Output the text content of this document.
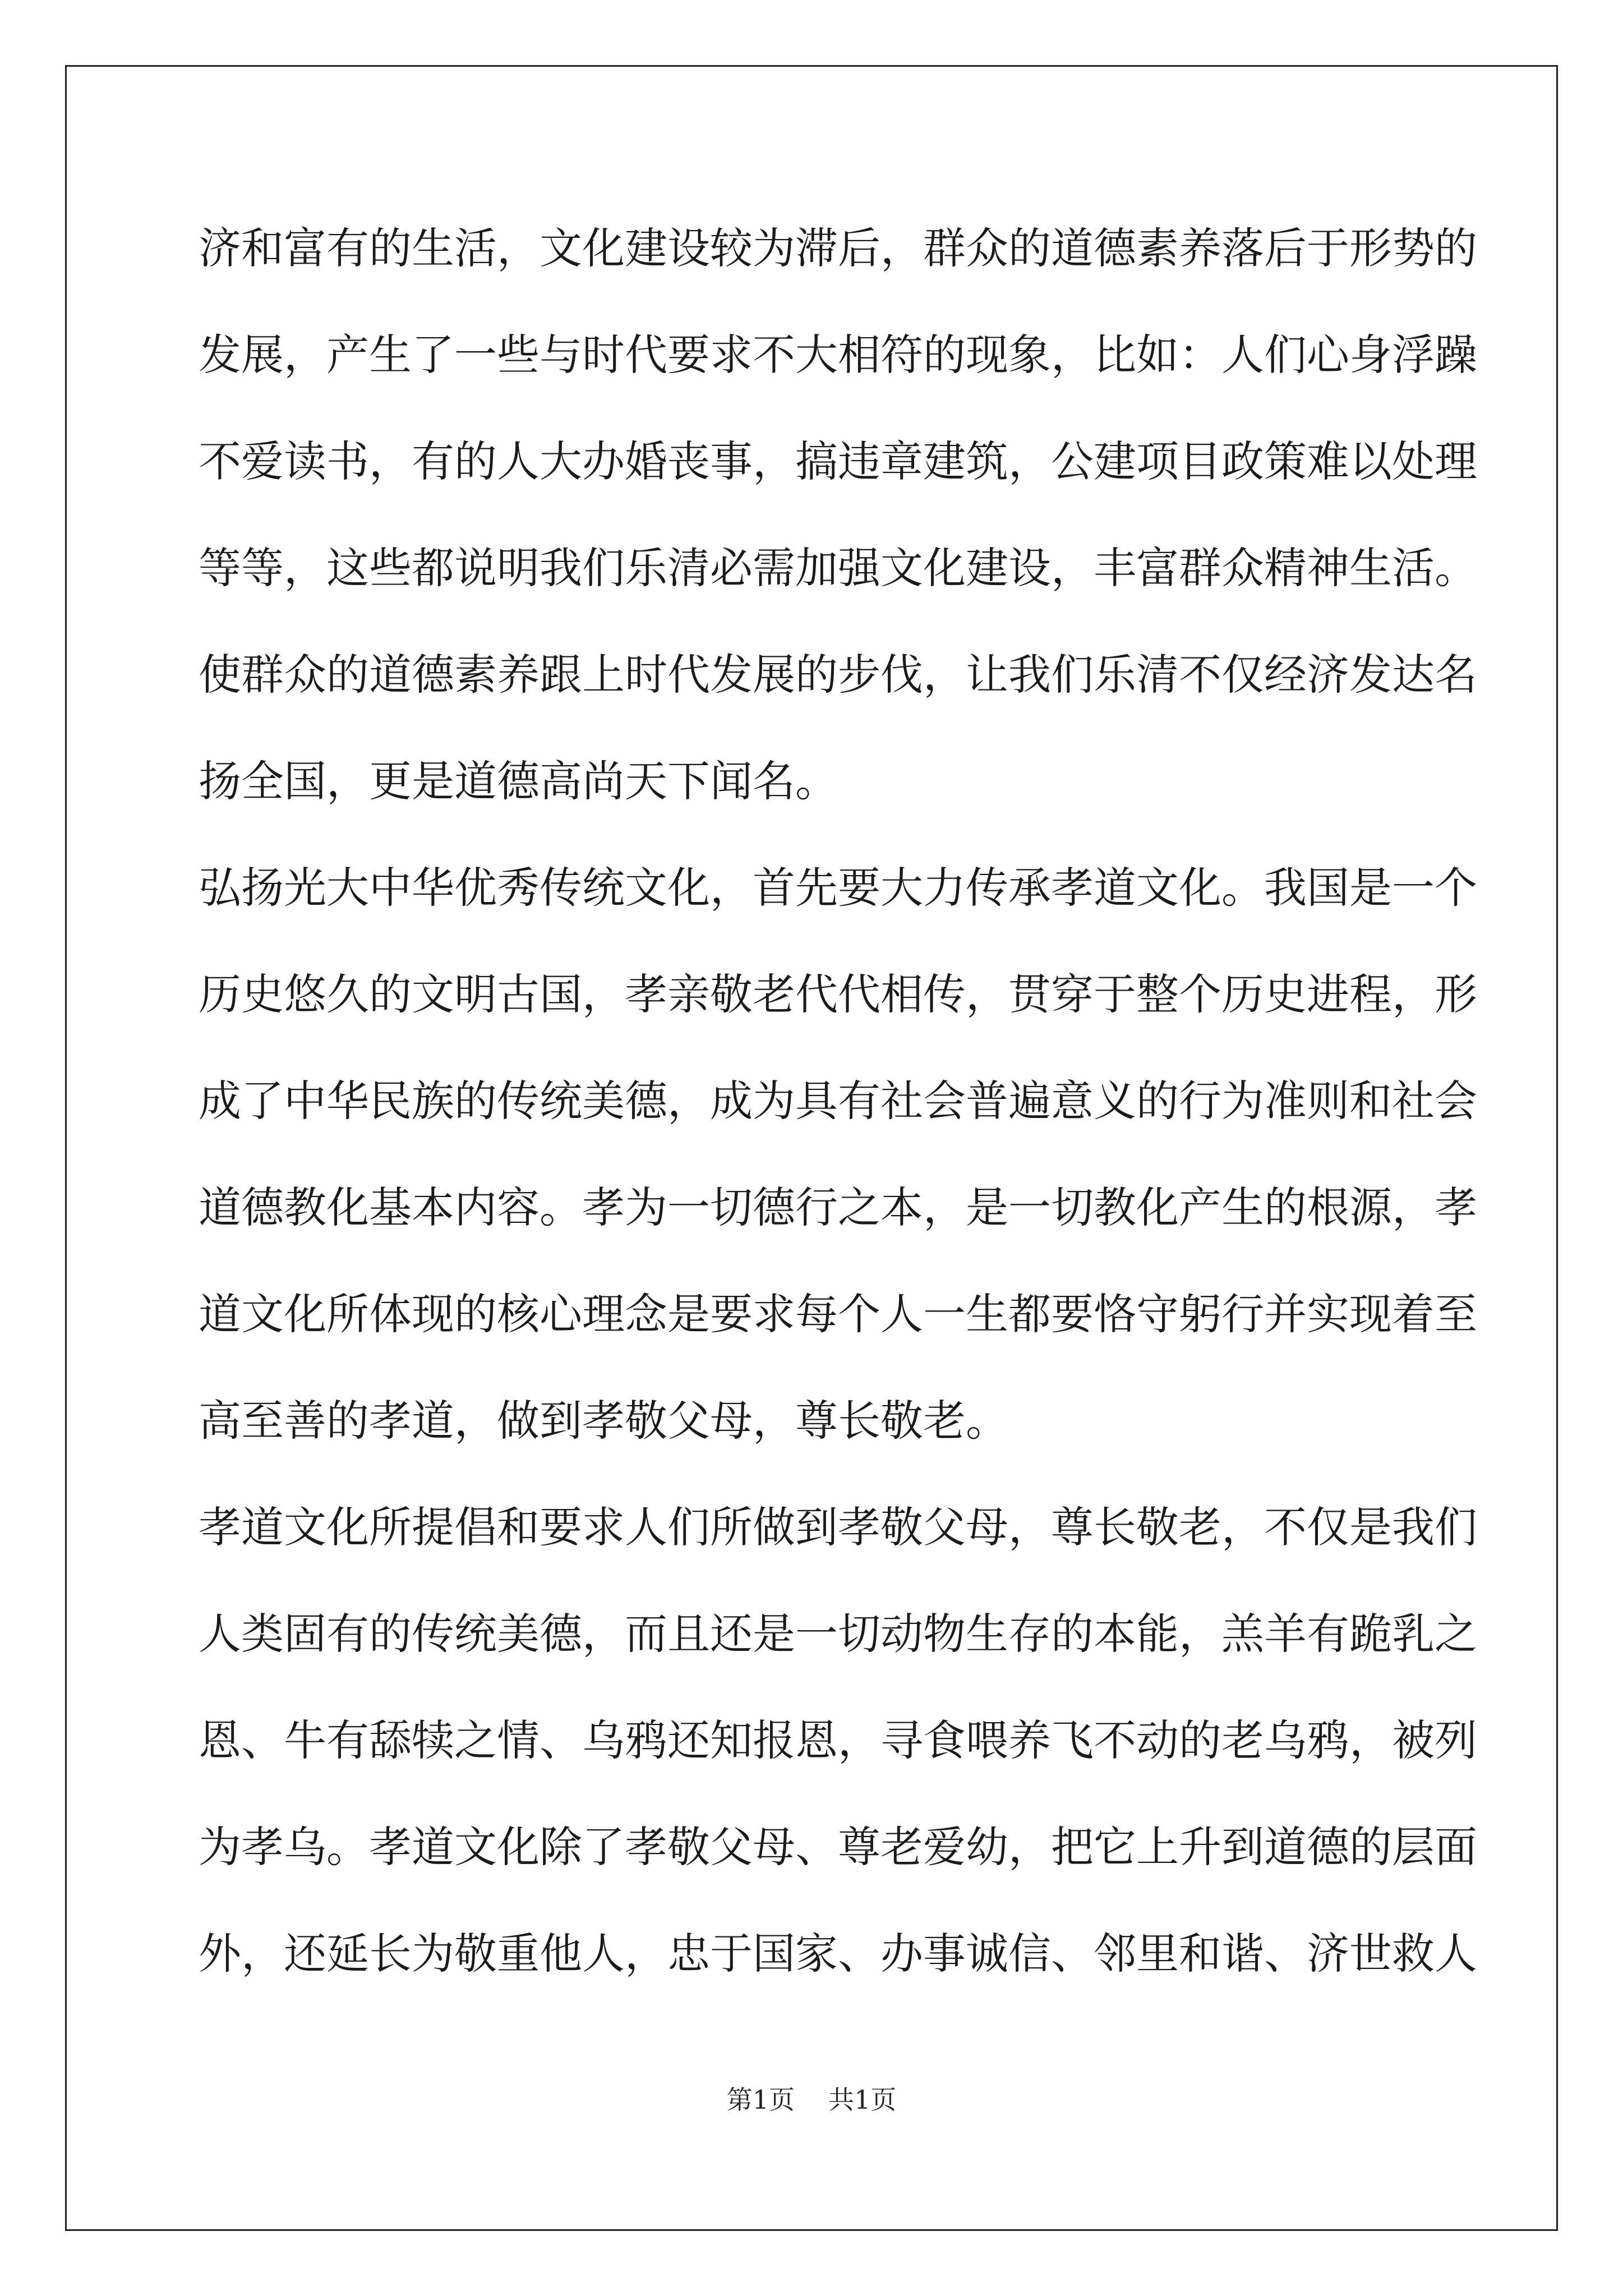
济和富有的生活，文化建设较为滞后，群众的道德素养落后于形势的
发展，产生了一些与时代要求不大相符的现象，比如：人们心身浮躁
不爱读书，有的人大办婚丧事，搞违章建筑，公建项目政策难以处理
等等，这些都说明我们乐清必需加强文化建设，丰富群众精神生活。
使群众的道德素养跟上时代发展的步伐，让我们乐清不仅经济发达名
扬全国，更是道德高尚天下闻名。
弘扬光大中华优秀传统文化，首先要大力传承孝道文化。我国是一个
历史悠久的文明古国，孝亲敬老代代相传，贯穿于整个历史进程，形
成了中华民族的传统美德，成为具有社会普遍意义的行为准则和社会
道德教化基本内容。孝为一切德行之本，是一切教化产生的根源，孝
道文化所体现的核心理念是要求每个人一生都要恪守躬行并实现着至
高至善的孝道，做到孝敬父母，尊长敬老。
孝道文化所提倡和要求人们所做到孝敬父母，尊长敬老，不仅是我们
人类固有的传统美德，而且还是一切动物生存的本能，羔羊有跪乳之
恩、牛有舔犊之情、乌鸦还知报恩，寻食喂养飞不动的老乌鸦，被列
为孝乌。孝道文化除了孝敬父母、尊老爱幼，把它上升到道德的层面
外，还延长为敬重他人，忠于国家、办事诚信、邻里和谐、济世救人
第1页 共1页
